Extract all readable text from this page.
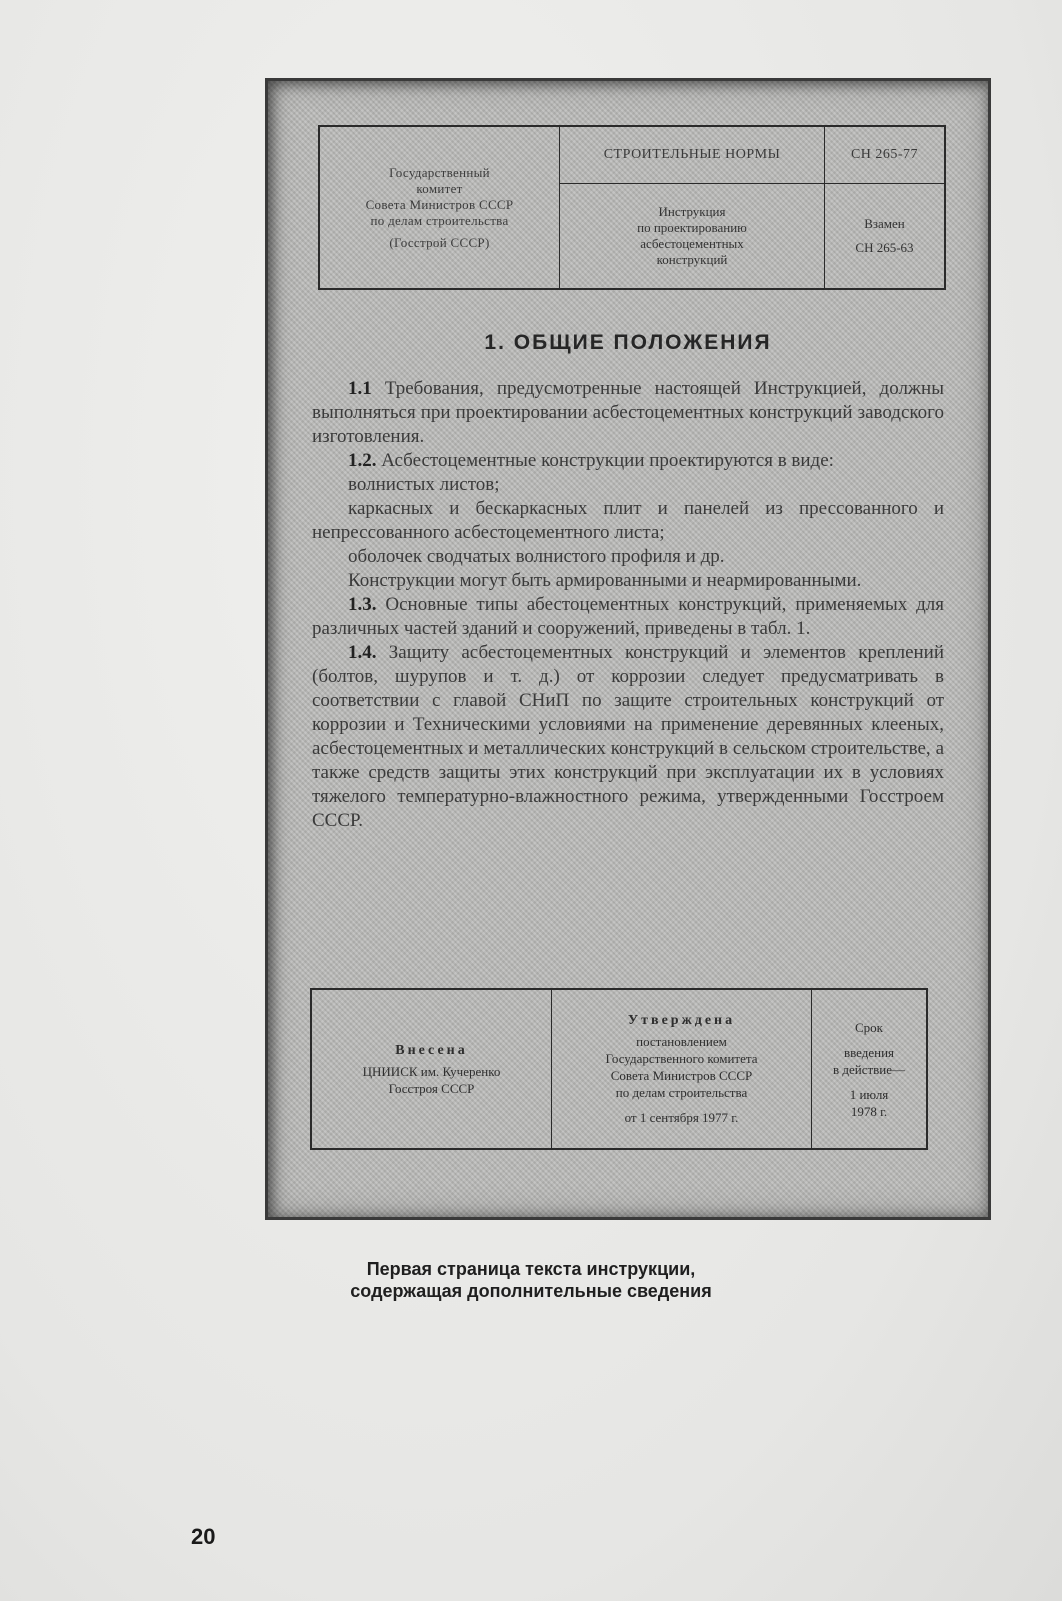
Государственный
комитет
Совета Министров СССР
по делам строительства
(Госстрой СССР)
СТРОИТЕЛЬНЫЕ НОРМЫ
Инструкция
по проектированию
асбестоцементных
конструкций
СН 265-77
Взамен
СН 265-63
1. ОБЩИЕ ПОЛОЖЕНИЯ

1.1 Требования, предусмотренные настоящей Инструкцией, должны выполняться при проектировании асбестоцементных конструкций заводского изготовления.

1.2. Асбестоцементные конструкции проектируются в виде:

волнистых листов;

каркасных и бескаркасных плит и панелей из прессованного и непрессованного асбестоцементного листа;

оболочек сводчатых волнистого профиля и др.

Конструкции могут быть армированными и неармированными.

1.3. Основные типы абестоцементных конструкций, применяемых для различных частей зданий и сооружений, приведены в табл. 1.

1.4. Защиту асбестоцементных конструкций и элементов креплений (болтов, шурупов и т. д.) от коррозии следует предусматривать в соответствии с главой СНиП по защите строительных конструкций от коррозии и Техническими условиями на применение деревянных клееных, асбестоцементных и металлических конструкций в сельском строительстве, а также средств защиты этих конструкций при эксплуатации их в условиях тяжелого температурно-влажностного режима, утвержденными Госстроем СССР.

Внесена
ЦНИИСК им. Кучеренко
Госстроя СССР
Утверждена
постановлением
Государственного комитета
Совета Министров СССР
по делам строительства
от 1 сентября 1977 г.
Срок
введения
в действие—
1 июля
1978 г.
Первая страница текста инструкции,
содержащая дополнительные сведения
20
